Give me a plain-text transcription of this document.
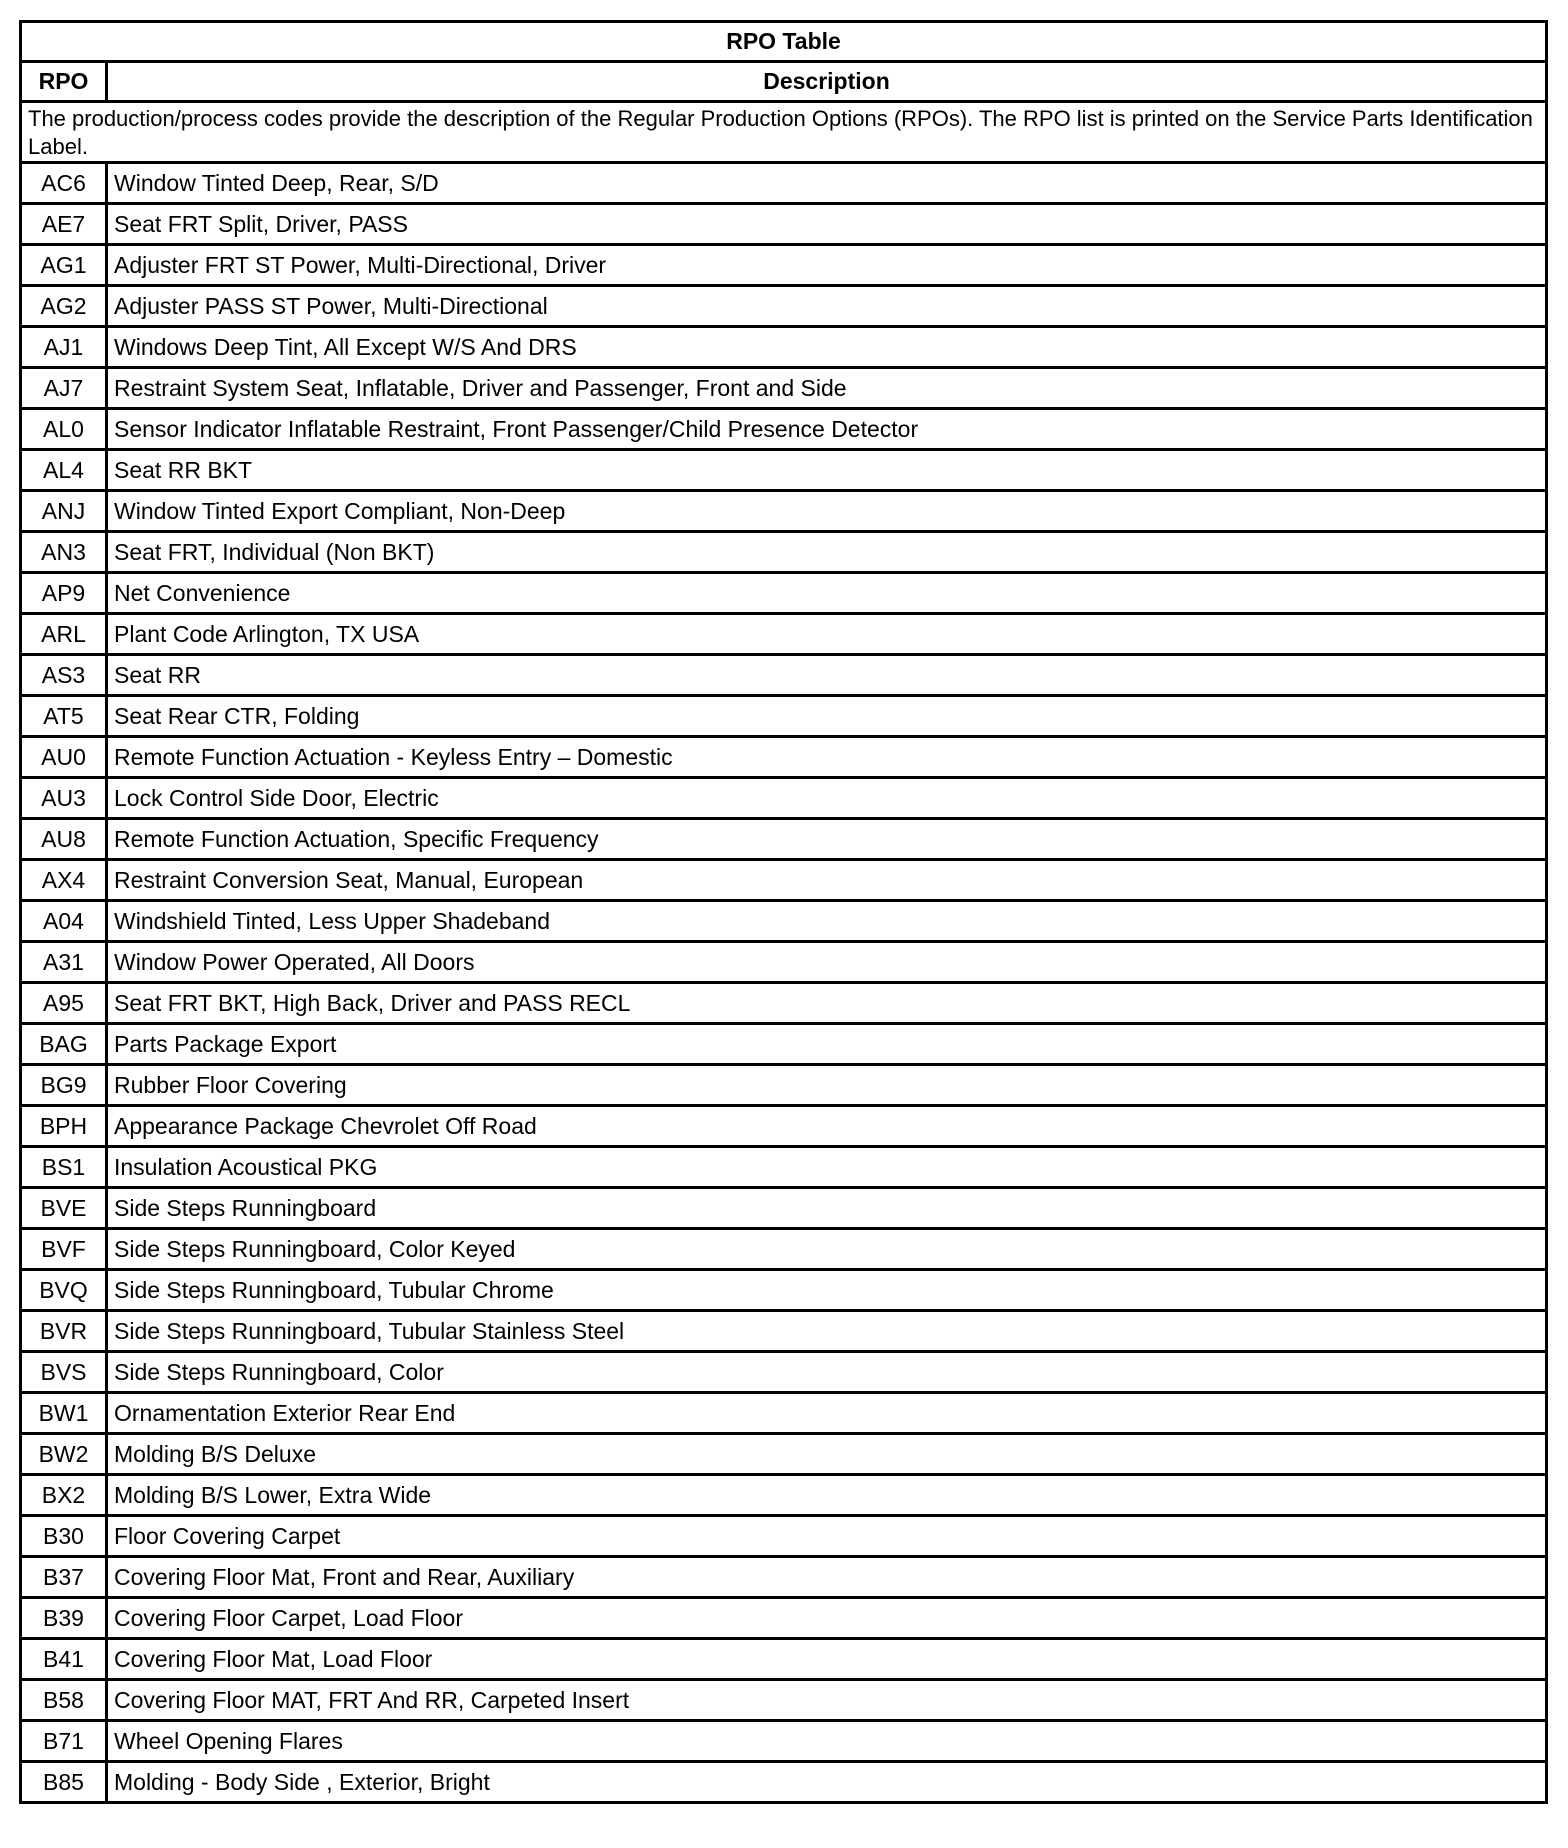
RPO Table	
RPO	Description
The production/process codes provide the description of the Regular Production Options (RPOs). The RPO list is printed on the Service Parts Identification Label.	
AC6	Window Tinted Deep, Rear, S/D
AE7	Seat FRT Split, Driver, PASS
AG1	Adjuster FRT ST Power, Multi-Directional, Driver
AG2	Adjuster PASS ST Power, Multi-Directional
AJ1	Windows Deep Tint, All Except W/S And DRS
AJ7	Restraint System Seat, Inflatable, Driver and Passenger, Front and Side
AL0	Sensor Indicator Inflatable Restraint, Front Passenger/Child Presence Detector
AL4	Seat RR BKT
ANJ	Window Tinted Export Compliant, Non-Deep
AN3	Seat FRT, Individual (Non BKT)
AP9	Net Convenience
ARL	Plant Code Arlington, TX USA
AS3	Seat RR
AT5	Seat Rear CTR, Folding
AU0	Remote Function Actuation - Keyless Entry – Domestic
AU3	Lock Control Side Door, Electric
AU8	Remote Function Actuation, Specific Frequency
AX4	Restraint Conversion Seat, Manual, European
A04	Windshield Tinted, Less Upper Shadeband
A31	Window Power Operated, All Doors
A95	Seat FRT BKT, High Back, Driver and PASS RECL
BAG	Parts Package Export
BG9	Rubber Floor Covering
BPH	Appearance Package Chevrolet Off Road
BS1	Insulation Acoustical PKG
BVE	Side Steps Runningboard
BVF	Side Steps Runningboard, Color Keyed
BVQ	Side Steps Runningboard, Tubular Chrome
BVR	Side Steps Runningboard, Tubular Stainless Steel
BVS	Side Steps Runningboard, Color
BW1	Ornamentation Exterior Rear End
BW2	Molding B/S Deluxe
BX2	Molding B/S Lower, Extra Wide
B30	Floor Covering Carpet
B37	Covering Floor Mat, Front and Rear, Auxiliary
B39	Covering Floor Carpet, Load Floor
B41	Covering Floor Mat, Load Floor
B58	Covering Floor MAT, FRT And RR, Carpeted Insert
B71	Wheel Opening Flares
B85	Molding - Body Side , Exterior, Bright
